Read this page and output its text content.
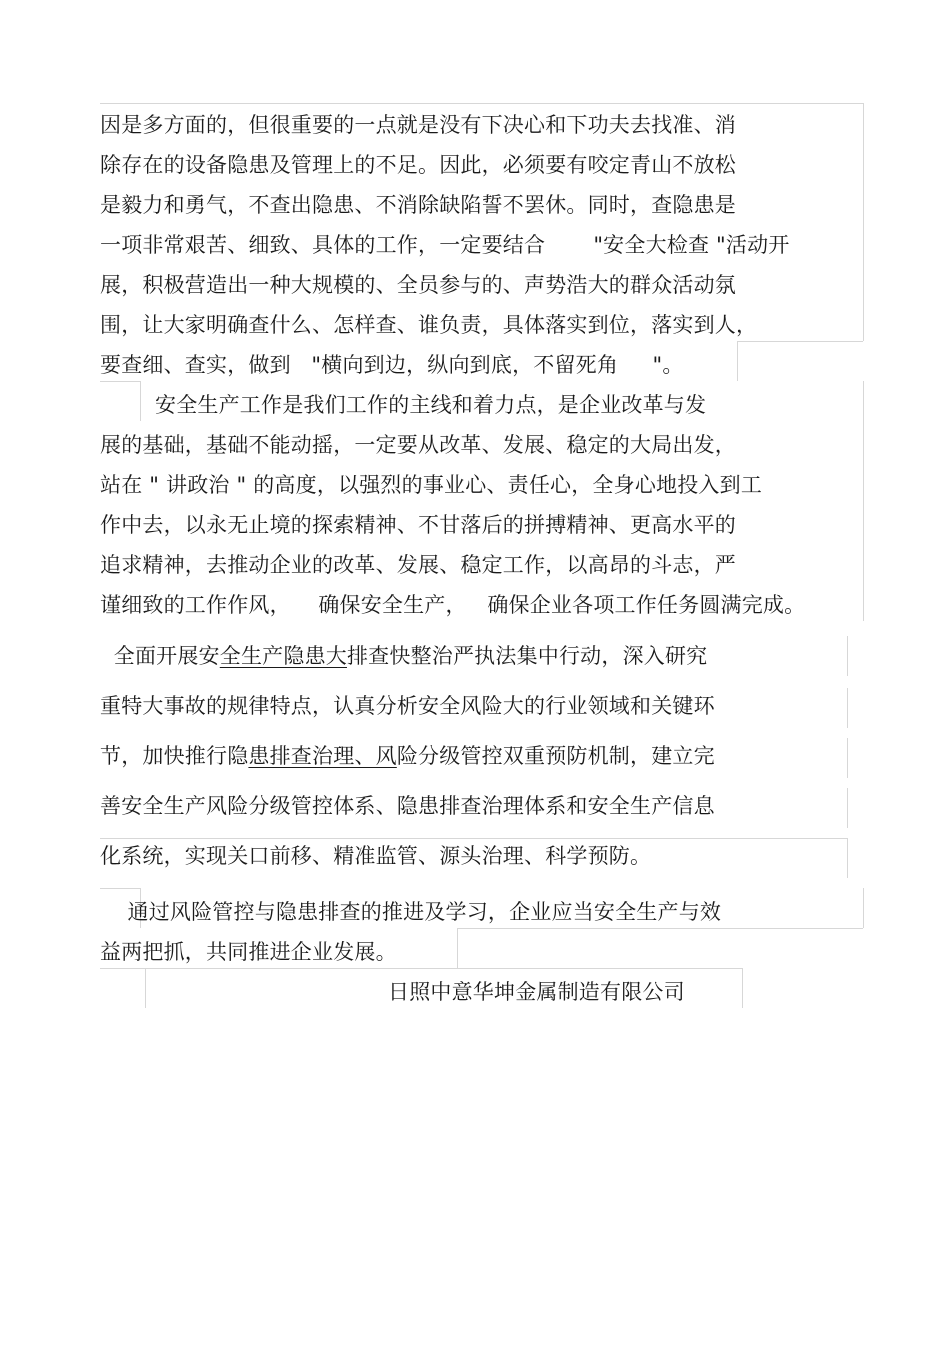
因是多方面的，但很重要的一点就是没有下决心和下功夫去找准、消
除存在的设备隐患及管理上的不足。因此，必须要有咬定青山不放松
是毅力和勇气，不查出隐患、不消除缺陷誓不罢休。同时，查隐患是
一项非常艰苦、细致、具体的工作，一定要结合       "安全大检查 "活动开
展，积极营造出一种大规模的、全员参与的、声势浩大的群众活动氛
围，让大家明确查什么、怎样查、谁负责，具体落实到位，落实到人，
要查细、查实，做到   "横向到边，纵向到底，不留死角     "。
安全生产工作是我们工作的主线和着力点，是企业改革与发
展的基础，基础不能动摇，一定要从改革、发展、稳定的大局出发，
站在 " 讲政治 " 的高度，以强烈的事业心、责任心，全身心地投入到工
作中去，以永无止境的探索精神、不甘落后的拼搏精神、更高水平的
追求精神，去推动企业的改革、发展、稳定工作，以高昂的斗志，严
谨细致的工作作风，    确保安全生产，   确保企业各项工作任务圆满完成。
全面开展安全生产隐患大排查快整治严执法集中行动，深入研究
重特大事故的规律特点，认真分析安全风险大的行业领域和关键环
节，加快推行隐患排查治理、风险分级管控双重预防机制，建立完
善安全生产风险分级管控体系、隐患排查治理体系和安全生产信息
化系统，实现关口前移、精准监管、源头治理、科学预防。
通过风险管控与隐患排查的推进及学习，企业应当安全生产与效
益两把抓，共同推进企业发展。
日照中意华坤金属制造有限公司
